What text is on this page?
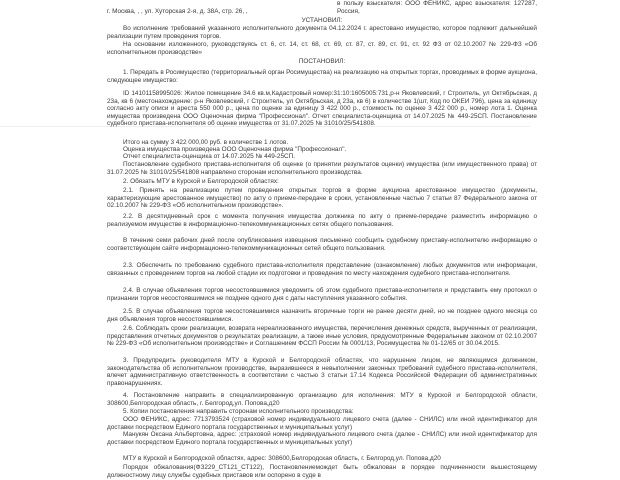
в пользу взыскателя: ООО ФЕНИКС, адрес взыскателя: 127287, Россия,

г. Москва, , , ул. Хуторская 2-я, д. 38А, стр. 26, ,

УСТАНОВИЛ:

Во исполнение требований указанного исполнительного документа 04.12.2024 г. арестовано имущество, которое подлежит дальнейшей реализации путем проведения торгов.

На основании изложенного, руководствуясь ст. 6, ст. 14, ст. 68, ст. 69, ст. 87, ст. 89, ст. 91, ст. 92 ФЗ от 02.10.2007 № 229-ФЗ «Об исполнительном производстве»

ПОСТАНОВИЛ:

1. Передать в Росимущество (территориальный орган Росимущества) на реализацию на открытых торгах, проводимых в форме аукциона, следующее имущество:

ID 14101158995026: Жилое помещение 34.6 кв.м,Кадастровый номер:31:10:1605005:731,р-н Яковлевский, г Строитель, ул Октябрьская, д 23а, кв 6 (местонахождение: р-н Яковлевский, г Строитель, ул Октябрьская, д 23а, кв 6) в количестве 1(шт, Код по ОКЕИ 796), цена за единицу согласно акту описи и ареста 550 000 р., цена по оценке за единицу 3 422 000 р., стоимость по оценке 3 422 000 р., номер лота 1. Оценка имущества произведена ООО Оценочная фирма "Профессионал". Отчет специалиста-оценщика от 14.07.2025 № 449-25СП. Постановление судебного пристава-исполнителя об оценке имущества от 31.07.2025 № 31010/25/541808.

Итого на сумму 3 422 000,00 руб. в количестве 1 лотов.

Оценка имущества произведена ООО Оценочная фирма "Профессионал".

Отчет специалиста-оценщика от 14.07.2025 № 449-25СП.

Постановление судебного пристава-исполнителя об оценке (о принятии результатов оценки) имущества (или имущественного права) от 31.07.2025 № 31010/25/541808 направлено сторонам исполнительного производства.

2. Обязать МТУ в Курской и Белгородской областях:

2.1. Принять на реализацию путем проведения открытых торгов в форме аукциона арестованное имущество (документы, характеризующие арестованное имущество) по акту о приеме-передаче в сроки, установленные частью 7 статьи 87 Федерального закона от 02.10.2007 № 229-ФЗ «Об исполнительном производстве».

2.2. В десятидневный срок с момента получения имущества должника по акту о приеме-передаче разместить информацию о реализуемом имуществе в информационно-телекоммуникационных сетях общего пользования.

В течение семи рабочих дней после опубликования извещения письменно сообщить судебному приставу-исполнителю информацию о соответствующем сайте информационно-телекоммуникационных сетей общего пользования.

2.3. Обеспечить по требованию судебного пристава-исполнителя представление (ознакомление) любых документов или информации, связанных с проведением торгов на любой стадии их подготовки и проведения по месту нахождения судебного пристава-исполнителя.

2.4. В случае объявления торгов несостоявшимися уведомить об этом судебного пристава-исполнителя и представить ему протокол о признании торгов несостоявшимися не позднее одного дня с даты наступления указанного события.

2.5. В случае объявления торгов несостоявшимися назначить вторичные торги не ранее десяти дней, но не позднее одного месяца со дня объявления торгов несостоявшимися.

2.6. Соблюдать сроки реализации, возврата нереализованного имущества, перечисления денежных средств, вырученных от реализации, представления отчетных документов о результатах реализации, а также иные условия, предусмотренные Федеральным законом от 02.10.2007 № 229-ФЗ «Об исполнительном производстве» и Соглашением ФССП России № 0001/13, Росимущества № 01-12/65 от 30.04.2015.

3. Предупредить руководителя МТУ в Курской и Белгородской областях, что нарушение лицом, не являющимся должником, законодательства об исполнительном производстве, выразившееся в невыполнении законных требований судебного пристава-исполнителя, влечет административную ответственность в соответствии с частью 3 статьи 17.14 Кодекса Российской Федерации об административных правонарушениях.

4. Постановление направить в специализированную организацию для исполнения: МТУ в Курской и Белгородской области, 308600,Белгородская область, г. Белгород,ул. Попова,д20

5. Копии постановления направить сторонам исполнительного производства:

ООО ФЕНИКС, адрес: 7713793524 (страховой номер индивидуального лицевого счета (далее - СНИЛС) или иной идентификатор для доставки посредством Единого портала государственных и муниципальных услуг)

Манукян Оксана Альбертовна, адрес: ;страховой номер индивидуального лицевого счета (далее - СНИЛС) или иной идентификатор для доставки посредством Единого портала государственных и муниципальных услуг)

МТУ в Курской и Белгородской областях, адрес: 308600,Белгородская область, г. Белгород,ул. Попова,д20

Порядок обжалования(ФЗ229_СТ121_СТ122), Постановлениемождет быть обжалован в порядке подчиненности вышестоящему должностному лицу службы судебных приставов или оспорено в суде в
